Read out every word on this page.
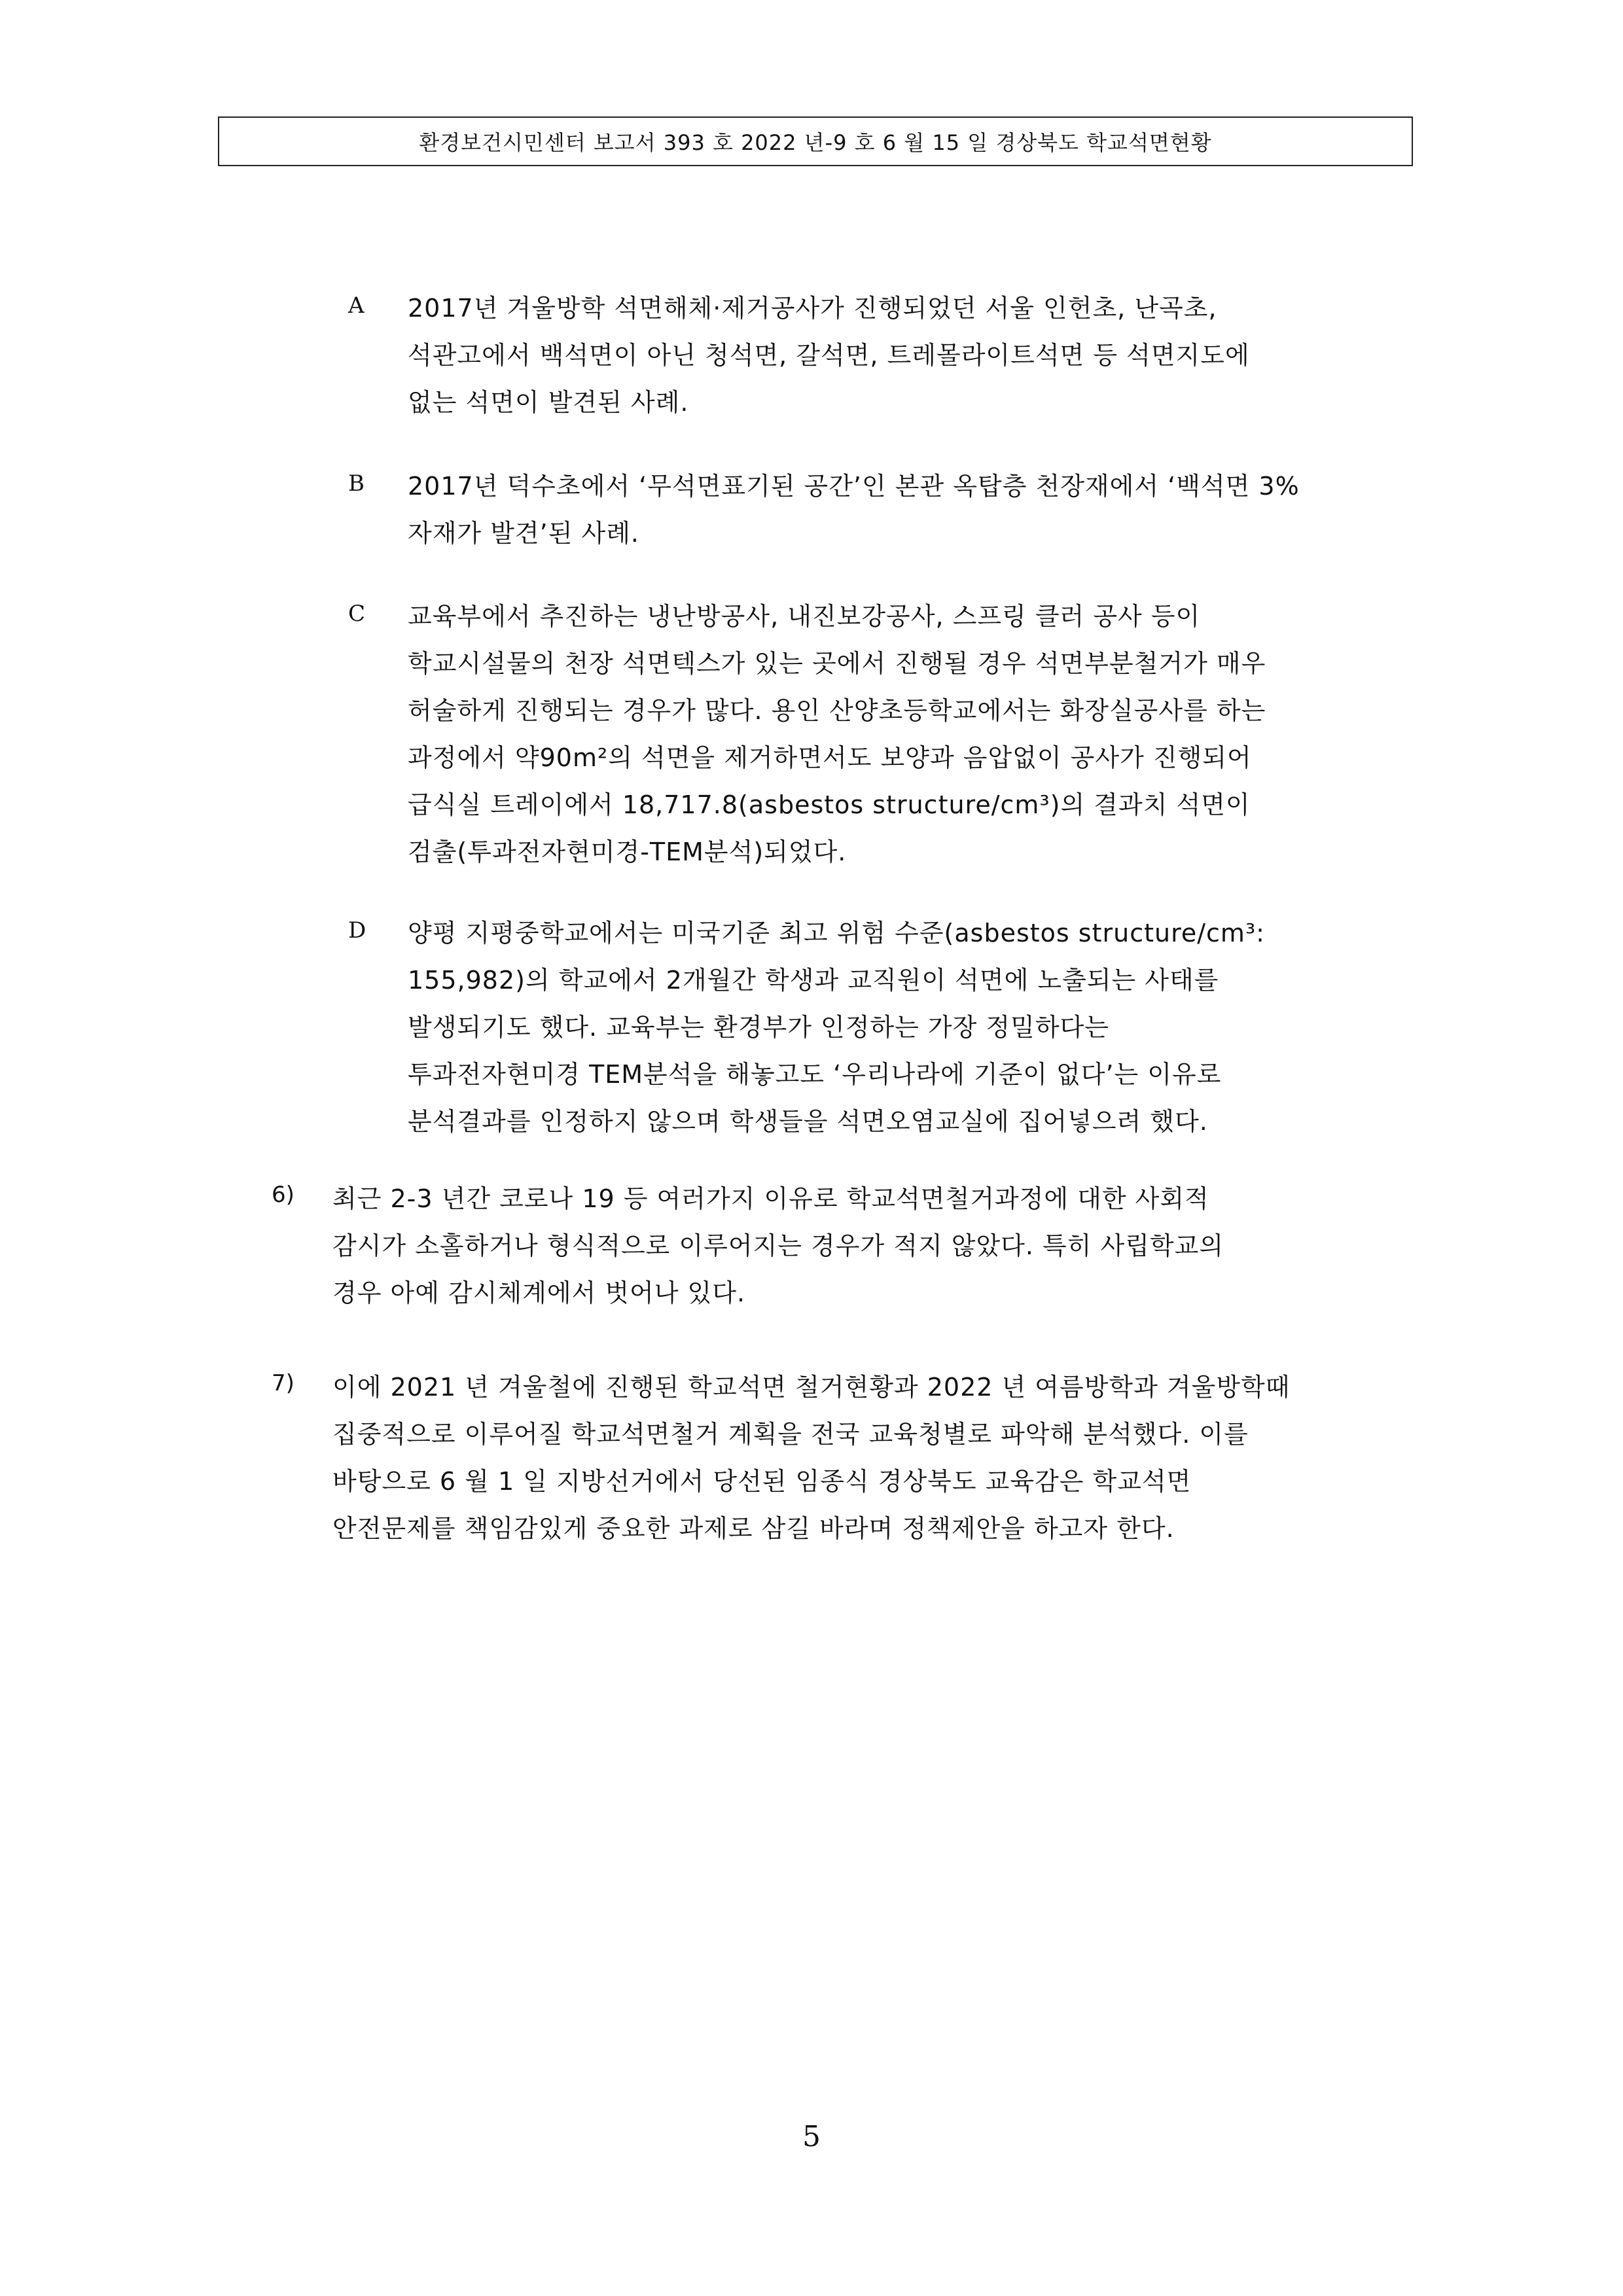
환경보건시민센터 보고서 393 호 2022 년-9 호 6 월 15 일 경상북도 학교석면현황
A 2017년 겨울방학 석면해체·제거공사가 진행되었던 서울 인헌초, 난곡초,
석관고에서 백석면이 아닌 청석면, 갈석면, 트레몰라이트석면 등 석면지도에
없는 석면이 발견된 사례.
B 2017년 덕수초에서 ‘무석면표기된 공간’인 본관 옥탑층 천장재에서 ‘백석면 3%
자재가 발견’된 사례.
C 교육부에서 추진하는 냉난방공사, 내진보강공사, 스프링 클러 공사 등이
학교시설물의 천장 석면텍스가 있는 곳에서 진행될 경우 석면부분철거가 매우
허술하게 진행되는 경우가 많다. 용인 산양초등학교에서는 화장실공사를 하는
과정에서 약90m²의 석면을 제거하면서도 보양과 음압없이 공사가 진행되어
급식실 트레이에서 18,717.8(asbestos structure/cm³)의 결과치 석면이
검출(투과전자현미경-TEM분석)되었다.
D 양평 지평중학교에서는 미국기준 최고 위험 수준(asbestos structure/cm³:
155,982)의 학교에서 2개월간 학생과 교직원이 석면에 노출되는 사태를
발생되기도 했다. 교육부는 환경부가 인정하는 가장 정밀하다는
투과전자현미경 TEM분석을 해놓고도 ‘우리나라에 기준이 없다’는 이유로
분석결과를 인정하지 않으며 학생들을 석면오염교실에 집어넣으려 했다.
6) 최근 2-3 년간 코로나 19 등 여러가지 이유로 학교석면철거과정에 대한 사회적
감시가 소홀하거나 형식적으로 이루어지는 경우가 적지 않았다. 특히 사립학교의
경우 아예 감시체계에서 벗어나 있다.
7) 이에 2021 년 겨울철에 진행된 학교석면 철거현황과 2022 년 여름방학과 겨울방학때
집중적으로 이루어질 학교석면철거 계획을 전국 교육청별로 파악해 분석했다. 이를
바탕으로 6 월 1 일 지방선거에서 당선된 임종식 경상북도 교육감은 학교석면
안전문제를 책임감있게 중요한 과제로 삼길 바라며 정책제안을 하고자 한다.
5
